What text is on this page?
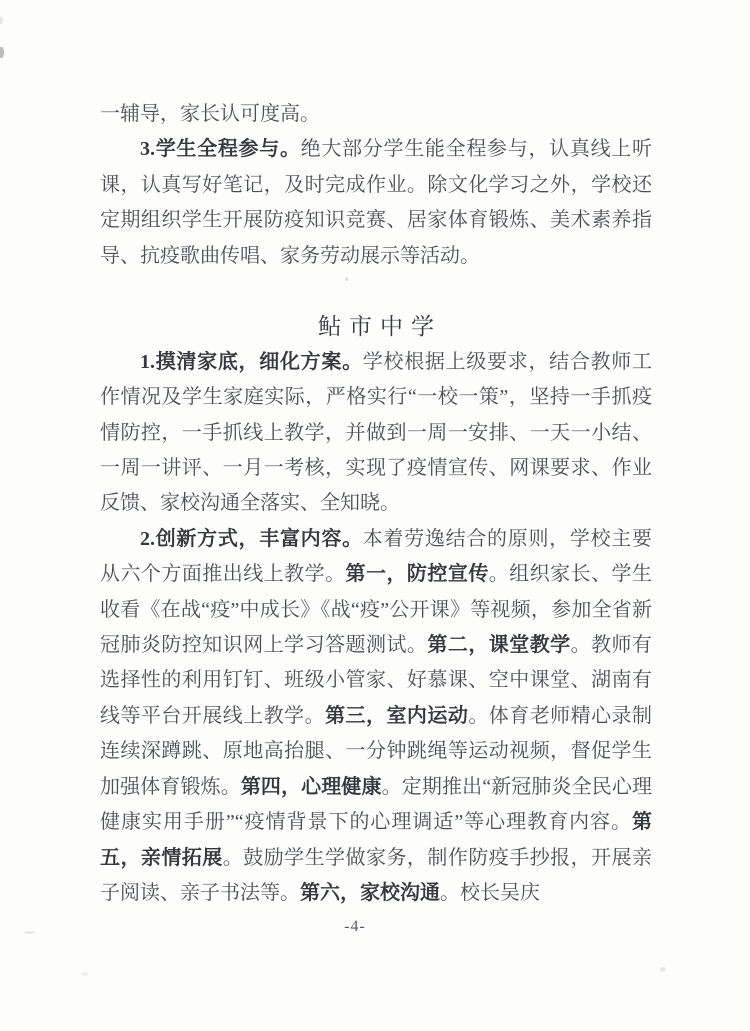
一辅导，家长认可度高。

3.学生全程参与。绝大部分学生能全程参与，认真线上听课，认真写好笔记，及时完成作业。除文化学习之外，学校还定期组织学生开展防疫知识竞赛、居家体育锻炼、美术素养指导、抗疫歌曲传唱、家务劳动展示等活动。

鲇市中学

1.摸清家底，细化方案。学校根据上级要求，结合教师工作情况及学生家庭实际，严格实行“一校一策”，坚持一手抓疫情防控，一手抓线上教学，并做到一周一安排、一天一小结、一周一讲评、一月一考核，实现了疫情宣传、网课要求、作业反馈、家校沟通全落实、全知晓。

2.创新方式，丰富内容。本着劳逸结合的原则，学校主要从六个方面推出线上教学。第一，防控宣传。组织家长、学生收看《在战“疫”中成长》《战“疫”公开课》等视频，参加全省新冠肺炎防控知识网上学习答题测试。第二，课堂教学。教师有选择性的利用钉钉、班级小管家、好慕课、空中课堂、湖南有线等平台开展线上教学。第三，室内运动。体育老师精心录制连续深蹲跳、原地高抬腿、一分钟跳绳等运动视频，督促学生加强体育锻炼。第四，心理健康。定期推出“新冠肺炎全民心理健康实用手册”“疫情背景下的心理调适”等心理教育内容。第五，亲情拓展。鼓励学生学做家务，制作防疫手抄报，开展亲子阅读、亲子书法等。第六，家校沟通。校长吴庆

-4-
